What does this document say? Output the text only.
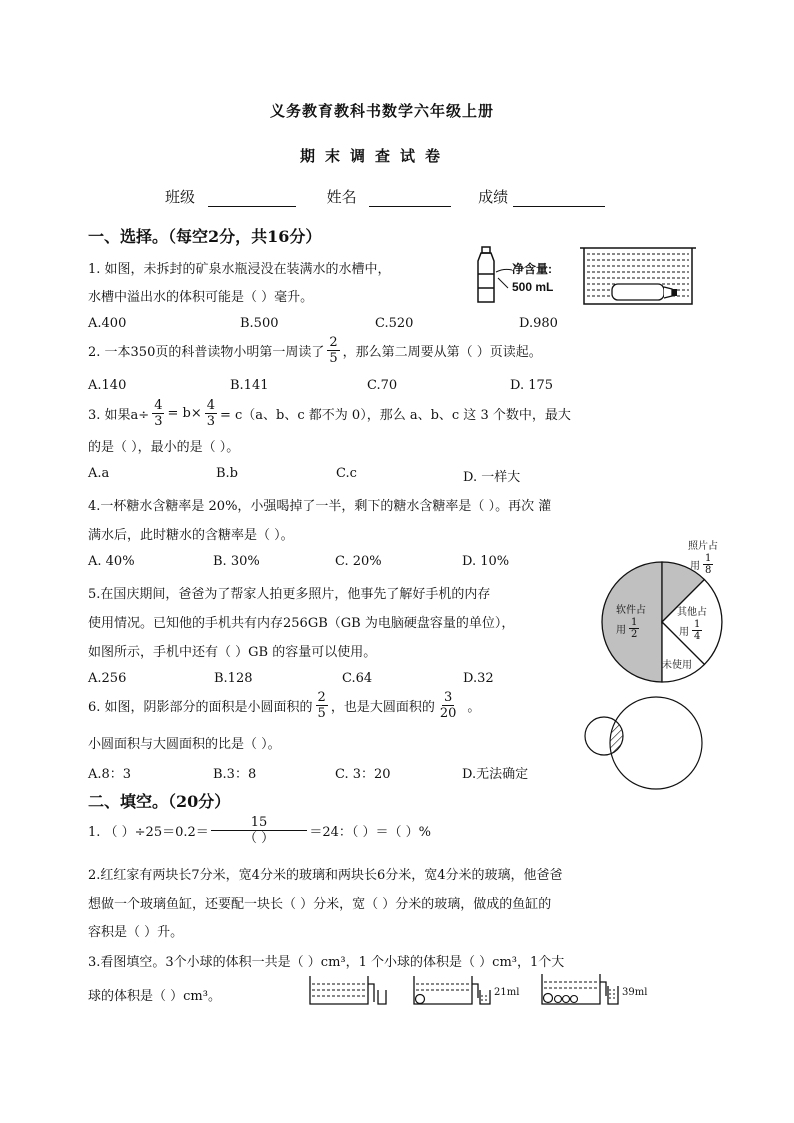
义务教育教科书数学六年级上册
期末调查试卷
班级	姓名	成绩
一、选择。（每空2分，共16分）
1. 如图，未拆封的矿泉水瓶浸没在装满水的水槽中，
水槽中溢出水的体积可能是（ ）毫升。
净含量:
500 mL
A.400	B.500	C.520	D.980
2. 一本350页的科普读物小明第一周读了 $\frac{2}{5}$ ，那么第二周要从第（ ）页读起。
A.140	B.141	C.70	D. 175
3. 如果$a\div \frac{4}{3} = b\times \frac{4}{3} = c(a$、b、c 都不为 0），那么 a、b、c 这 3 个数中，最大
的是（ ），最小的是（ ）。
A.a	B.b	C.c	D. 一样大
4.一杯糖水含糖率是 20%，小强喝掉了一半，剩下的糖水含糖率是（ ）。再次 灌
满水后，此时糖水的含糖率是（ ）。
A. 40%	B. 30%	C. 20%	D. 10%
5.在国庆期间，爸爸为了帮家人拍更多照片，他事先了解好手机的内存
使用情况。已知他的手机共有内存256GB（GB 为电脑硬盘容量的单位），
如图所示，手机中还有（ ）GB 的容量可以使用。
A.256	B.128	C.64	D.32
照片占
用 $\frac{1}{8}$
软件占
用 $\frac{1}{2}$
其他占
用 $\frac{1}{4}$
未使用
6. 如图，阴影部分的面积是小圆面积的 $\frac{2}{5}$ ，也是大圆面积的 $\frac{3}{20}$ 。
小圆面积与大圆面积的比是（ ）。
A.8：3	B.3：8	C. 3：20	D.无法确定
二、填空。（20分）
1. （ ）$\div 25=0.2= \frac{15}{( )} =24$：（ ）＝（ ）%
2.红红家有两块长7分米，宽4分米的玻璃和两块长6分米，宽4分米的玻璃，他爸爸
想做一个玻璃鱼缸，还要配一块长（ ）分米，宽（ ）分米的玻璃，做成的鱼缸的
容积是（ ）升。
3.看图填空。3个小球的体积一共是（ ）cm³，1 个小球的体积是（ ）cm³，1个大
球的体积是（ ）cm³。	21ml	39ml
